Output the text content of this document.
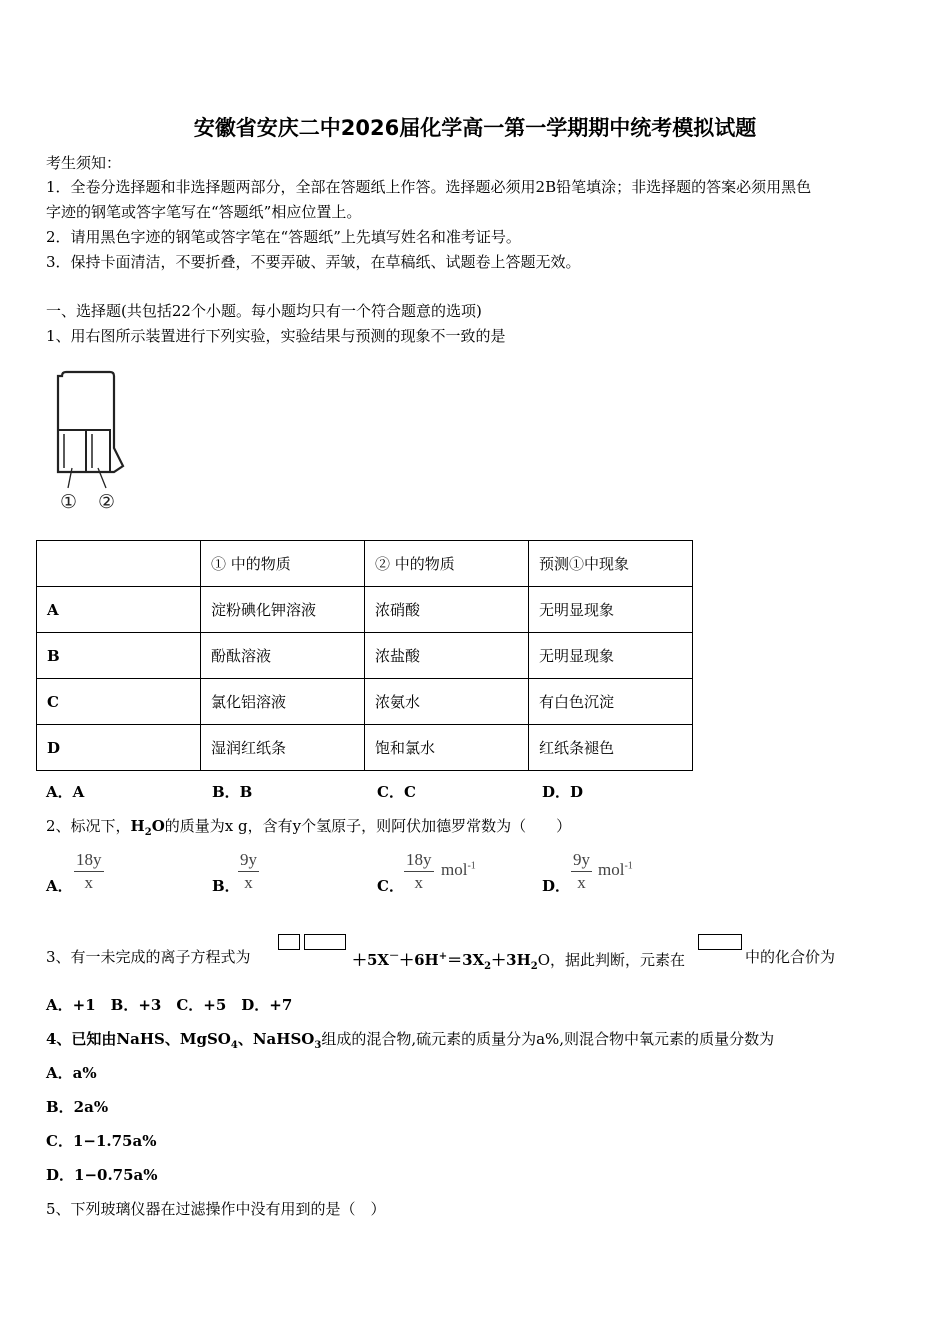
安徽省安庆二中2026届化学高一第一学期期中统考模拟试题
考生须知：
1．全卷分选择题和非选择题两部分，全部在答题纸上作答。选择题必须用2B铅笔填涂；非选择题的答案必须用黑色
字迹的钢笔或答字笔写在“答题纸”相应位置上。
2．请用黑色字迹的钢笔或答字笔在“答题纸”上先填写姓名和准考证号。
3．保持卡面清洁，不要折叠，不要弄破、弄皱，在草稿纸、试题卷上答题无效。
一、选择题(共包括22个小题。每小题均只有一个符合题意的选项)
1、用右图所示装置进行下列实验，实验结果与预测的现象不一致的是
① ②
	① 中的物质	② 中的物质	预测①中现象
A	淀粉碘化钾溶液	浓硝酸	无明显现象
B	酚酞溶液	浓盐酸	无明显现象
C	氯化铝溶液	浓氨水	有白色沉淀
D	湿润红纸条	饱和氯水	红纸条褪色
A．A	B．B	C．C	D．D
2、标况下，$H_2O$的质量为x g，含有y个氢原子，则阿伏加德罗常数为（　　）
A． $\frac{18y}{x}$	B．
$\frac{9y}{x}$	C． $\frac{18y}{x} mol^{-1}$
D． $\frac{9y}{x} mol^{-1}$
3、有一未完成的离子方程式为	$+5X^-+6H^+=3X_2+3H_2O$，据此判断，元素在	中的化合价为
A．+1　B．+3　C．+5　D．+7
4、已知由NaHS、MgSO$_4$、NaHSO$_3$组成的混合物,硫元素的质量分为a%,则混合物中氧元素的质量分数为
A．a%
B．2a%
C．1−1.75a%
D．1−0.75a%
5、下列玻璃仪器在过滤操作中没有用到的是（　）
